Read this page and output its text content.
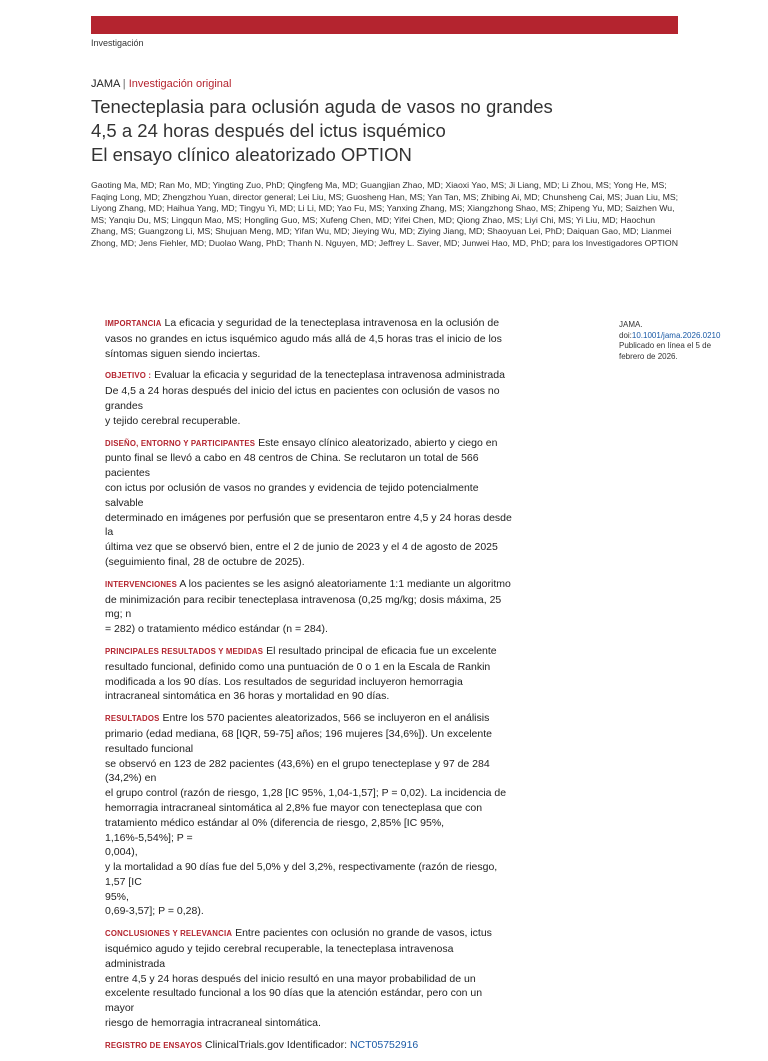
Investigación
JAMA | Investigación original
Tenecteplasia para oclusión aguda de vasos no grandes
4,5 a 24 horas después del ictus isquémico
El ensayo clínico aleatorizado OPTION

Gaoting Ma, MD; Ran Mo, MD; Yingting Zuo, PhD; Qingfeng Ma, MD; Guangjian Zhao, MD; Xiaoxi Yao, MS; Ji Liang, MD; Li Zhou, MS; Yong He, MS; Faqing Long, MD; Zhengzhou Yuan, director general; Lei Liu, MS; Guosheng Han, MS; Yan Tan, MS; Zhibing Ai, MD; Chunsheng Cai, MS; Juan Liu, MS;

Liyong Zhang, MD; Haihua Yang, MD; Tingyu Yi, MD; Li Li, MD; Yao Fu, MS; Yanxing Zhang, MS; Xiangzhong Shao, MS; Zhipeng Yu, MD; Saizhen Wu, MS; Yanqiu Du, MS; Lingqun Mao, MS; Hongling Guo, MS; Xufeng Chen, MD; Yifei Chen, MD; Qiong Zhao, MS; Liyi Chi, MS; Yi Liu, MD; Haochun Zhang, MS; Guangzong Li, MS; Shujuan Meng, MD; Yifan Wu, MD; Jieying Wu, MD; Ziying Jiang, MD; Shaoyuan Lei, PhD; Daiquan Gao, MD; Lianmei Zhong, MD; Jens Fiehler, MD; Duolao Wang, PhD; Thanh N. Nguyen, MD; Jeffrey L. Saver, MD; Junwei Hao, MD, PhD; para los Investigadores OPTION

IMPORTANCIA La eficacia y seguridad de la tenecteplasa intravenosa en la oclusión de
vasos no grandes en ictus isquémico agudo más allá de 4,5 horas tras el inicio de los
síntomas siguen siendo inciertas.
OBJETIVO : Evaluar la eficacia y seguridad de la tenecteplasa intravenosa administrada
De 4,5 a 24 horas después del inicio del ictus en pacientes con oclusión de vasos no grandes
y tejido cerebral recuperable.
DISEÑO, ENTORNO Y PARTICIPANTES Este ensayo clínico aleatorizado, abierto y ciego en
punto final se llevó a cabo en 48 centros de China. Se reclutaron un total de 566 pacientes
con ictus por oclusión de vasos no grandes y evidencia de tejido potencialmente salvable
determinado en imágenes por perfusión que se presentaron entre 4,5 y 24 horas desde la
última vez que se observó bien, entre el 2 de junio de 2023 y el 4 de agosto de 2025
(seguimiento final, 28 de octubre de 2025).
INTERVENCIONES A los pacientes se les asignó aleatoriamente 1:1 mediante un algoritmo
de minimización para recibir tenecteplasa intravenosa (0,25 mg/kg; dosis máxima, 25 mg; n
= 282) o tratamiento médico estándar (n = 284).
PRINCIPALES RESULTADOS Y MEDIDAS El resultado principal de eficacia fue un excelente
resultado funcional, definido como una puntuación de 0 o 1 en la Escala de Rankin
modificada a los 90 días. Los resultados de seguridad incluyeron hemorragia
intracraneal sintomática en 36 horas y mortalidad en 90 días.
RESULTADOS Entre los 570 pacientes aleatorizados, 566 se incluyeron en el análisis
primario (edad mediana, 68 [IQR, 59-75] años; 196 mujeres [34,6%]). Un excelente
resultado funcional
se observó en 123 de 282 pacientes (43,6%) en el grupo tenecteplase y 97 de 284 (34,2%) en
el grupo control (razón de riesgo, 1,28 [IC 95%, 1,04-1,57]; P = 0,02). La incidencia de
hemorragia intracraneal sintomática al 2,8% fue mayor con tenecteplasa que con
tratamiento médico estándar al 0% (diferencia de riesgo, 2,85% [IC 95%, 1,16%-5,54%]; P =
0,004),
y la mortalidad a 90 días fue del 5,0% y del 3,2%, respectivamente (razón de riesgo, 1,57 [IC
95%,
0,69-3,57]; P = 0,28).
CONCLUSIONES Y RELEVANCIA Entre pacientes con oclusión no grande de vasos, ictus
isquémico agudo y tejido cerebral recuperable, la tenecteplasa intravenosa administrada
entre 4,5 y 24 horas después del inicio resultó en una mayor probabilidad de un
excelente resultado funcional a los 90 días que la atención estándar, pero con un mayor
riesgo de hemorragia intracraneal sintomática.
REGISTRO DE ENSAYOS ClinicalTrials.gov Identificador: NCT05752916
JAMA.
doi:10.1001/jama.2026.0210
Publicado en línea el 5 de
febrero de 2026.
